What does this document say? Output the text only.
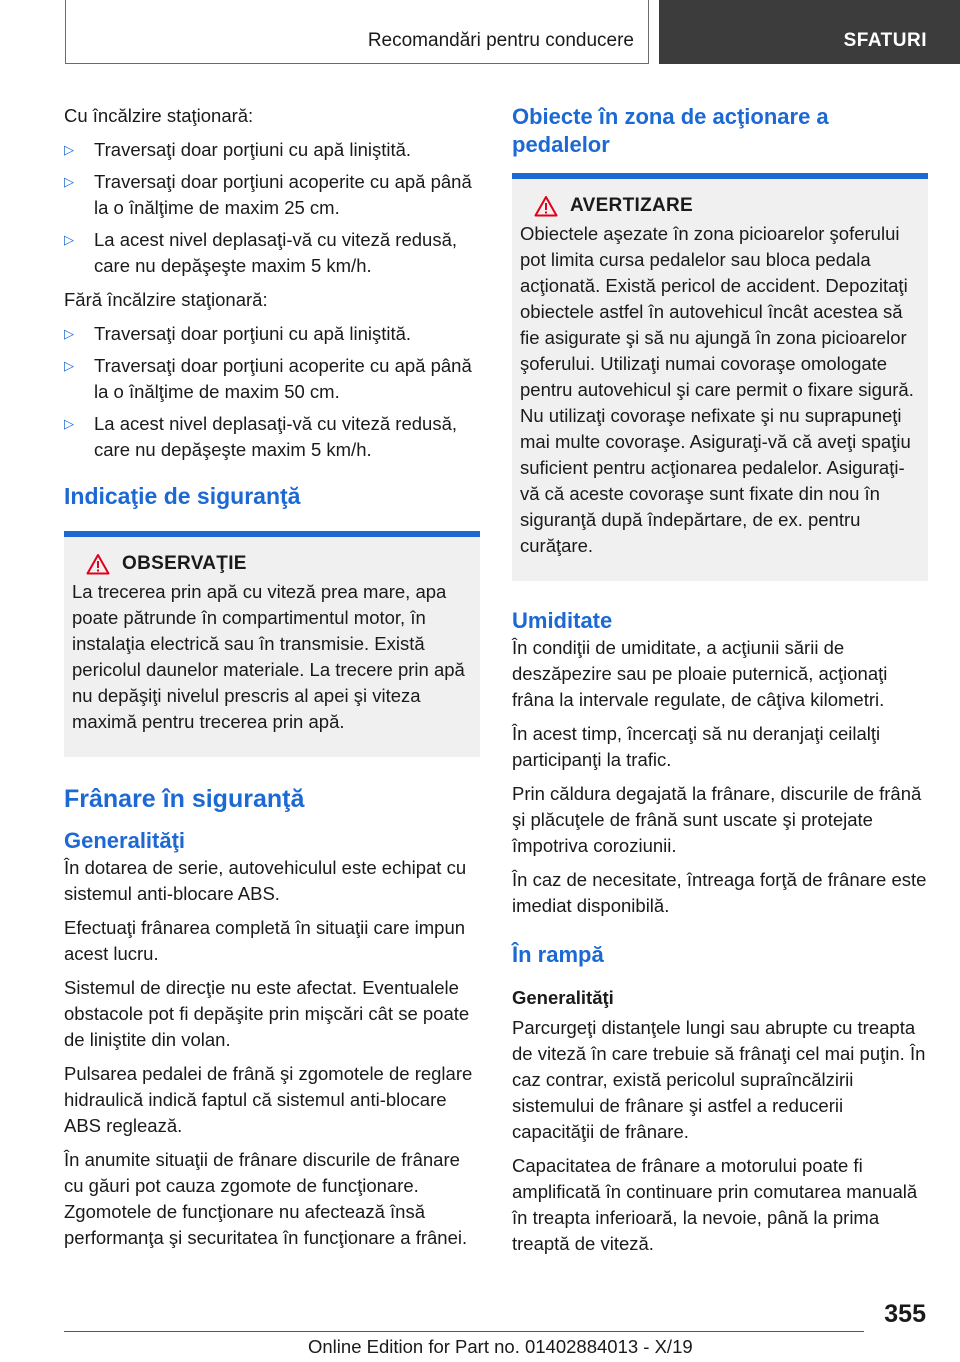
Recomandări pentru conducere	SFATURI

Cu încălzire staţionară:

▷ Traversaţi doar porţiuni cu apă liniştită.
▷ Traversaţi doar porţiuni acoperite cu apă până la o înălţime de maxim 25 cm.
▷ La acest nivel deplasaţi-vă cu viteză redusă, care nu depăşeşte maxim 5 km/h.

Fără încălzire staţionară:

▷ Traversaţi doar porţiuni cu apă liniştită.
▷ Traversaţi doar porţiuni acoperite cu apă până la o înălţime de maxim 50 cm.
▷ La acest nivel deplasaţi-vă cu viteză redusă, care nu depăşeşte maxim 5 km/h.
Indicaţie de siguranţă
OBSERVAŢIE

La trecerea prin apă cu viteză prea mare, apa poate pătrunde în compartimentul motor, în instalaţia electrică sau în transmisie. Există pericolul daunelor materiale. La trecere prin apă nu depăşiţi nivelul prescris al apei şi viteza maximă pentru trecerea prin apă.

Frânare în siguranţă
Generalităţi

În dotarea de serie, autovehiculul este echipat cu sistemul anti-blocare ABS.

Efectuaţi frânarea completă în situaţii care impun acest lucru.

Sistemul de direcţie nu este afectat. Eventualele obstacole pot fi depăşite prin mişcări cât se poate de liniştite din volan.

Pulsarea pedalei de frână şi zgomotele de reglare hidraulică indică faptul că sistemul anti-blocare ABS reglează.

În anumite situaţii de frânare discurile de frânare cu găuri pot cauza zgomote de funcţionare. Zgomotele de funcţionare nu afectează însă performanţa şi securitatea în funcţionare a frânei.

Obiecte în zona de acţionare a pedalelor
AVERTIZARE

Obiectele aşezate în zona picioarelor şoferului pot limita cursa pedalelor sau bloca pedala acţionată. Există pericol de accident. Depozitaţi obiectele astfel în autovehicul încât acestea să fie asigurate şi să nu ajungă în zona picioarelor şoferului. Utilizaţi numai covoraşe omologate pentru autovehicul şi care permit o fixare sigură. Nu utilizaţi covoraşe nefixate şi nu suprapuneţi mai multe covoraşe. Asiguraţi-vă că aveţi spaţiu suficient pentru acţionarea pedalelor. Asiguraţi-vă că aceste covoraşe sunt fixate din nou în siguranţă după îndepărtare, de ex. pentru curăţare.

Umiditate

În condiţii de umiditate, a acţiunii sării de deszăpezire sau pe ploaie puternică, acţionaţi frâna la intervale regulate, de câţiva kilometri.

În acest timp, încercaţi să nu deranjaţi ceilalţi participanţi la trafic.

Prin căldura degajată la frânare, discurile de frână şi plăcuţele de frână sunt uscate şi protejate împotriva coroziunii.

În caz de necesitate, întreaga forţă de frânare este imediat disponibilă.

În rampă
Generalităţi

Parcurgeţi distanţele lungi sau abrupte cu treapta de viteză în care trebuie să frânaţi cel mai puţin. În caz contrar, există pericolul supraîncălzirii sistemului de frânare şi astfel a reducerii capacităţii de frânare.

Capacitatea de frânare a motorului poate fi amplificată în continuare prin comutarea manuală în treapta inferioară, la nevoie, până la prima treaptă de viteză.

355
Online Edition for Part no. 01402884013 - X/19
